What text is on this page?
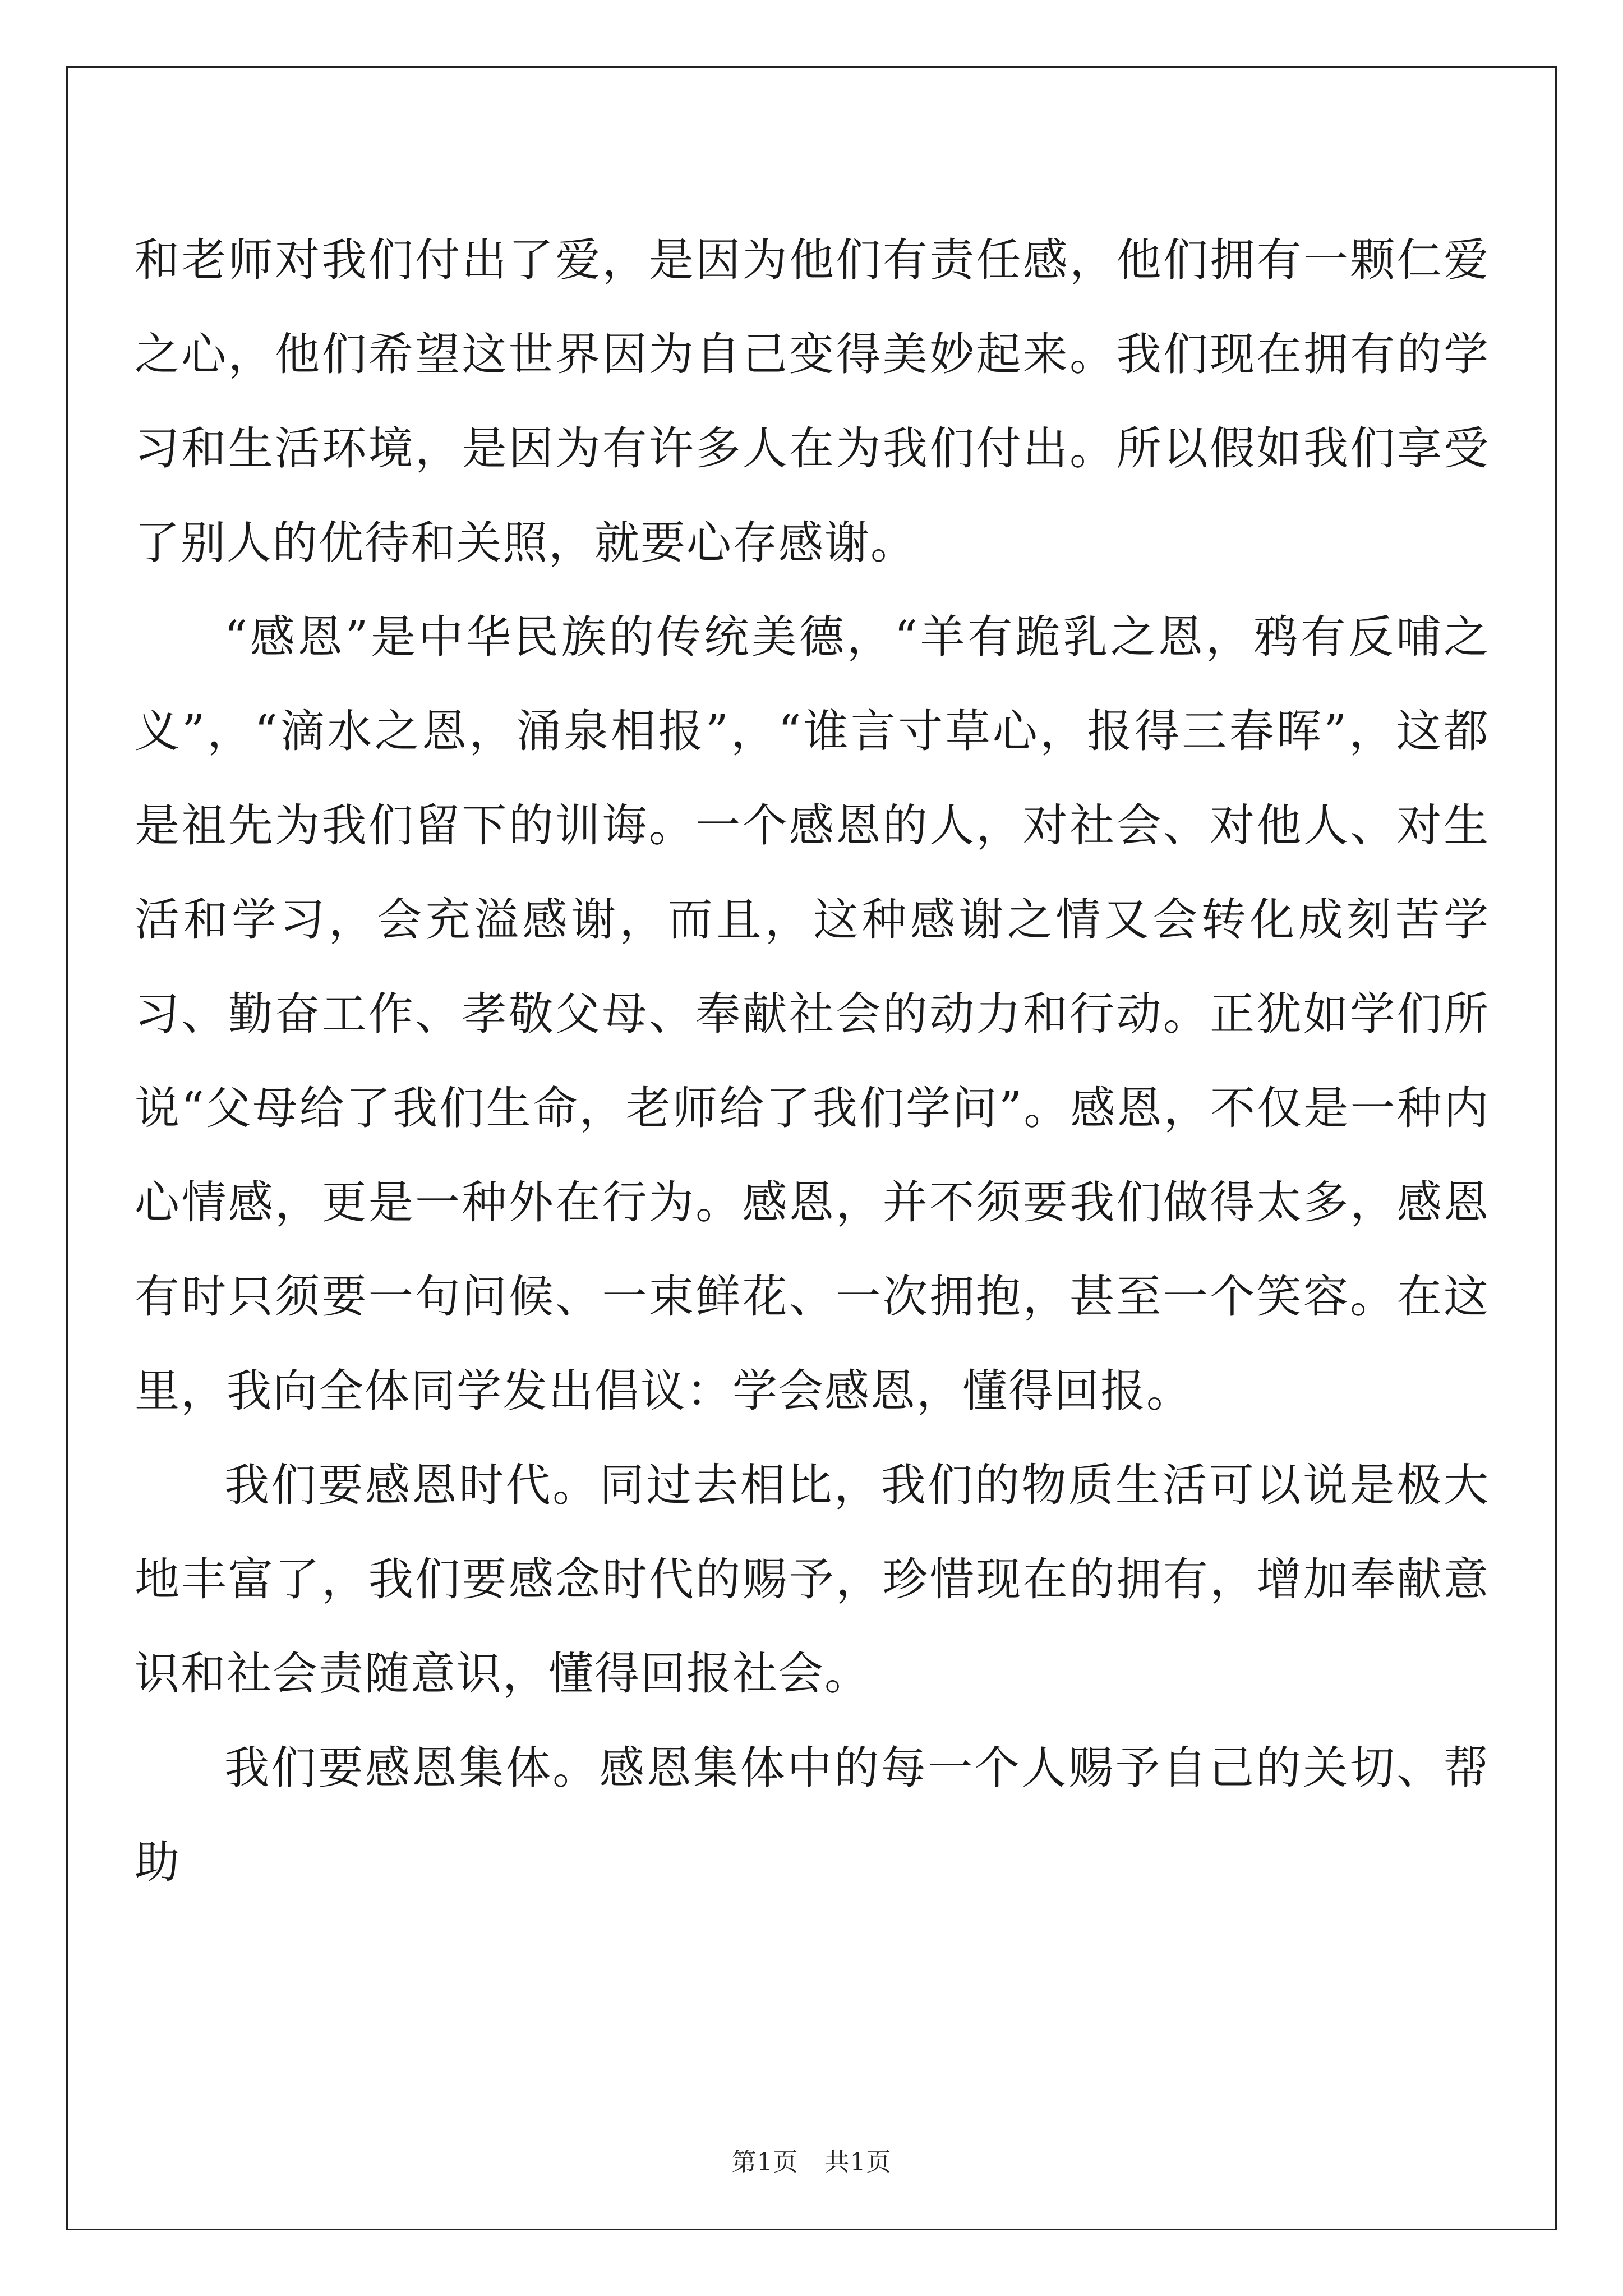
和老师对我们付出了爱，是因为他们有责任感，他们拥有一颗仁爱之心，他们希望这世界因为自己变得美妙起来。我们现在拥有的学习和生活环境，是因为有许多人在为我们付出。所以假如我们享受了别人的优待和关照，就要心存感谢。

“感恩”是中华民族的传统美德，“羊有跪乳之恩，鸦有反哺之义”，“滴水之恩，涌泉相报”，“谁言寸草心，报得三春晖”，这都是祖先为我们留下的训诲。一个感恩的人，对社会、对他人、对生活和学习，会充溢感谢，而且，这种感谢之情又会转化成刻苦学习、勤奋工作、孝敬父母、奉献社会的动力和行动。正犹如学们所说“父母给了我们生命，老师给了我们学问”。感恩，不仅是一种内心情感，更是一种外在行为。感恩，并不须要我们做得太多，感恩有时只须要一句问候、一束鲜花、一次拥抱，甚至一个笑容。在这里，我向全体同学发出倡议：学会感恩，懂得回报。

我们要感恩时代。同过去相比，我们的物质生活可以说是极大地丰富了，我们要感念时代的赐予，珍惜现在的拥有，增加奉献意识和社会责随意识，懂得回报社会。

我们要感恩集体。感恩集体中的每一个人赐予自己的关切、帮助

第1页 共1页
